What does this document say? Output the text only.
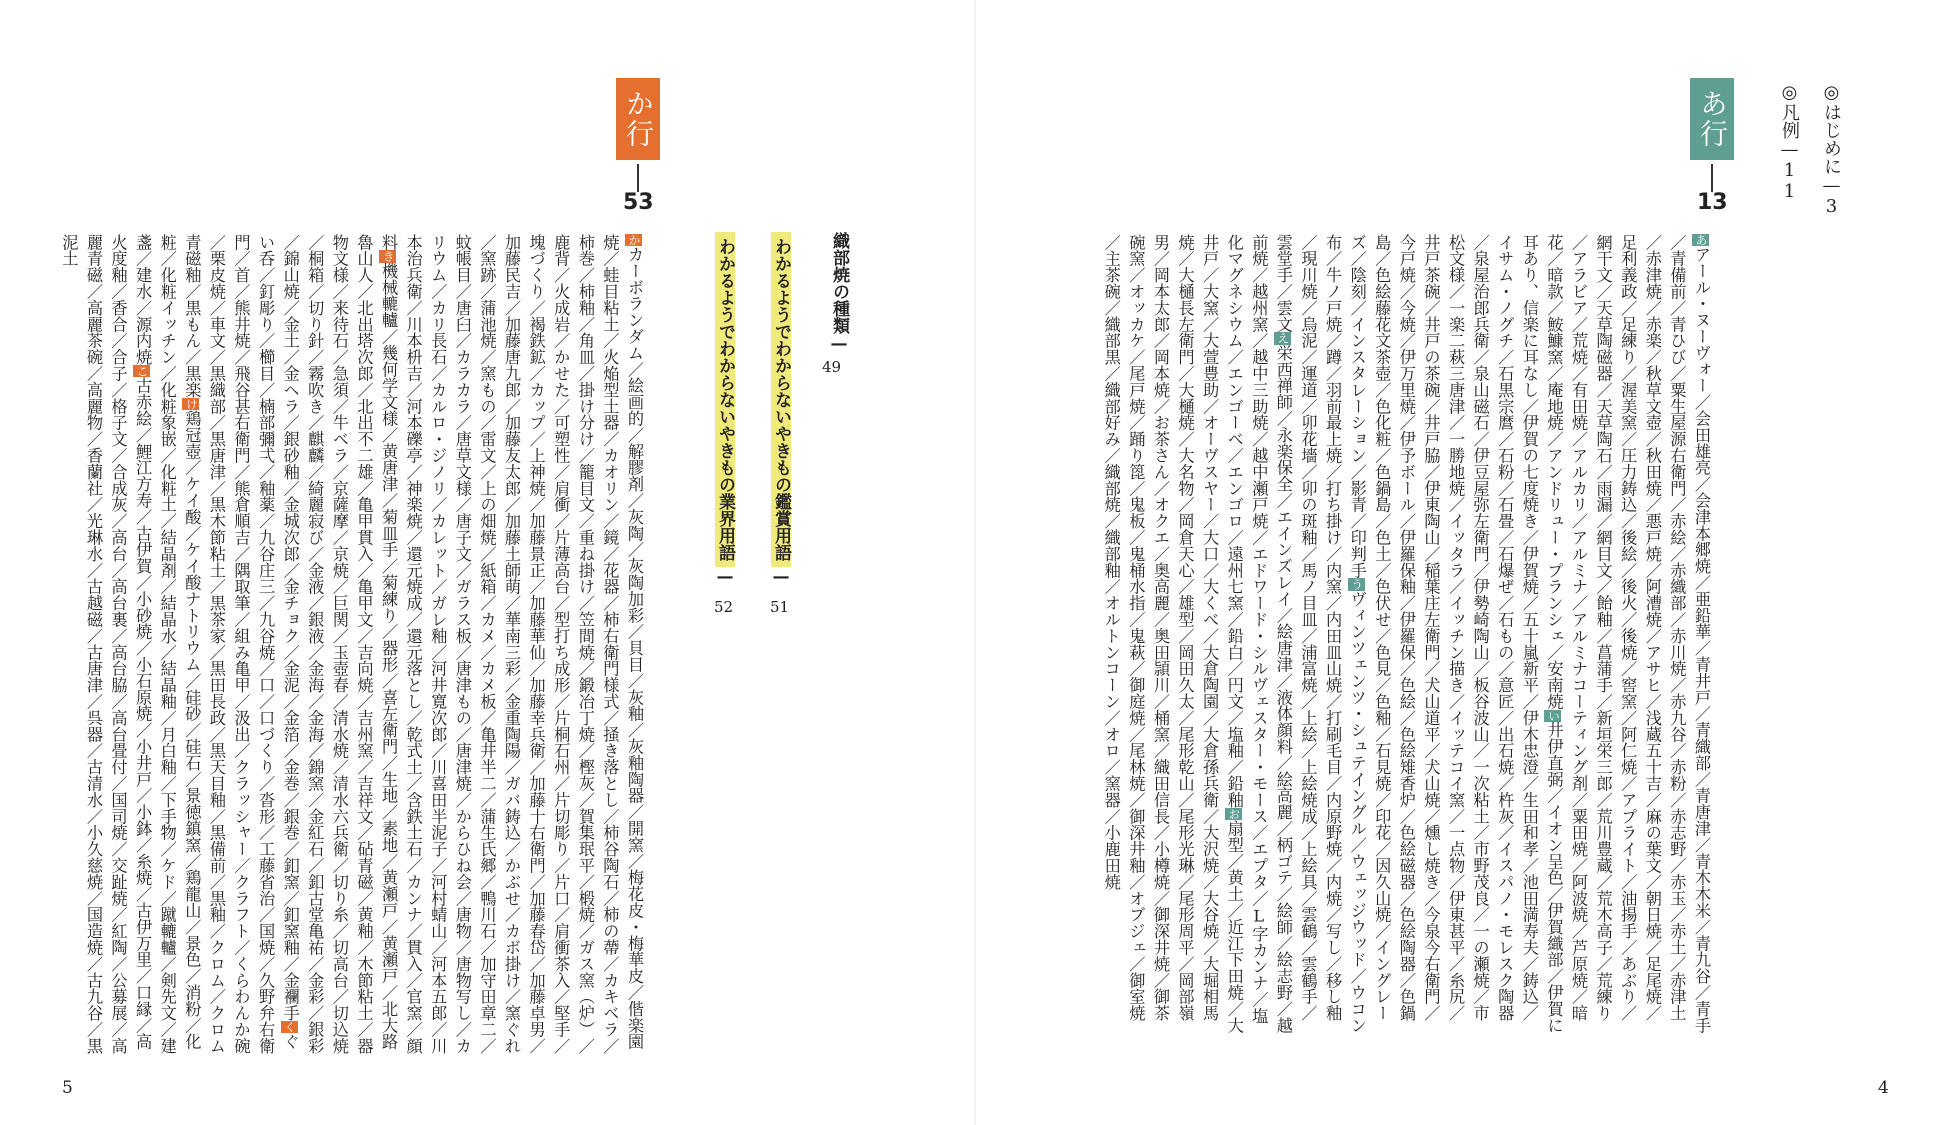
◎はじめに—3
◎凡例—11
あ行
13
あアール・ヌーヴォー／会田雄亮／会津本郷焼／亜鉛華／青井戸／青織部／青唐津／青木木米／青九谷／青手／青備前／青ひび／粟生屋源右衛門／赤絵／赤織部／赤川焼／赤九谷／赤粉／赤志野／赤玉／赤土／赤津土／赤津焼／赤楽／秋草文壺／秋田焼／悪戸焼／阿漕焼／アサヒ／浅蔵五十吉／麻の葉文／朝日焼／足尾焼／足利義政／足練り／渥美窯／圧力鋳込／後絵／後火／後焼／窖窯／阿仁焼／アプライト／油揚手／あぶり／網干文／天草陶磁器／天草陶石／雨漏／網目文／飴釉／菖蒲手／新垣栄三郎／荒川豊蔵／荒木高子／荒練り／アラビア／荒焼／有田焼／アルカリ／アルミナ／アルミナコーティング剤／粟田焼／阿波焼／芦原焼／暗花／暗款／鮟鱇窯／庵地焼／アンドリュー・プランシェ／安南焼い井伊直弼／イオン呈色／伊賀織部／伊賀に耳あり、信楽に耳なし／伊賀の七度焼き／伊賀焼／五十嵐新平／伊木忠澄／生田和孝／池田満寿夫／鋳込／イサム・ノグチ／石黒宗麿／石粉／石畳／石爆ぜ／石もの／意匠／出石焼／杵灰／イスパノ・モレスク陶器／泉屋治郎兵衛／泉山磁石／伊豆屋弥左衛門／伊勢崎陶山／板谷波山／一次粘土／市野茂良／一の瀬焼／市松文様／一楽二萩三唐津／一勝地焼／イッタラ／イッチン描き／イッテコイ窯／一点物／伊東甚平／糸尻／井戸茶碗／井戸の茶碗／井戸脇／伊東陶山／稲葉庄左衛門／犬山道平／犬山焼／燻し焼き／今泉今右衛門／今戸焼／今焼／伊万里焼／伊予ボール／伊羅保釉／伊羅保／色絵／色絵雉香炉／色絵磁器／色絵陶器／色鍋島／色絵藤花文茶壺／色化粧／色鍋島／色土／色伏せ／色見／色釉／石見焼／印花／因久山焼／イングレーズ／陰刻／インスタレーション／影青／印判手うヴィンツェンツ・シュテイングル／ウェッジウッド／ウコン布／牛ノ戸焼／蹲／羽前最上焼／打ち掛け／内窯／内田皿山焼／打刷毛目／内原野焼／内焼／写し／移し釉／現川焼／烏泥／運道／卯花墻／卯の斑釉／馬ノ目皿／浦富焼／上絵／上絵焼成／上絵具／雲鶴／雲鶴手／雲堂手／雲文え栄西禅師／永楽保全／エインズレイ／絵唐津／液体顔料／絵高麗／柄ゴテ／絵師／絵志野／越前焼／越州窯／越中三助焼／越中瀬戸焼／エドワード・シルヴェスター・モース／エプタ／L字カンナ／塩化マグネシウム／エンゴーベ／エンゴロ／遠州七窯／鉛白／円文／塩釉／鉛釉お扇型／黄土／近江下田焼／大井戸／大窯／大萱豊助／オーヴスヤー／大口／大くべ／大倉陶園／大倉孫兵衛／大沢焼／大谷焼／大堀相馬焼／大樋長左衛門／大樋焼／大名物／岡倉天心／雄型／岡田久太／尾形乾山／尾形光琳／尾形周平／岡部嶺男／岡本太郎／岡本焼／お茶さん／オクエ／奥高麗／奥田頴川／桶窯／織田信長／小樽焼／御深井焼／御茶碗窯／オッカケ／尾戸焼／踊り箆／鬼板／鬼桶水指／鬼萩／御庭焼／尾林焼／御深井釉／オブジェ／御室焼／主茶碗／織部黒／織部好み／織部焼／織部釉／オルトンコーン／オロ／窯器／小鹿田焼
織部焼の種類—
49
わかるようでわからないやきもの鑑賞用語—
51
わかるようでわからないやきもの業界用語—
52
か行
53
かカーボランダム／絵画的／解膠剤／灰陶／灰陶加彩／貝目／灰釉／灰釉陶器／開窯／梅花皮・梅華皮／偕楽園焼／蛙目粘土／火焔型土器／カオリン／鏡／花器／柿右衛門様式／掻き落とし／柿谷陶石／柿の蔕／カキベラ／柿巻／柿釉／角皿／掛け分け／籠目文／重ね掛け／笠間焼／鍛冶丁焼／樫灰／賀集珉平／椴焼／ガス窯（炉）／鹿背／火成岩／かせた／可塑性／肩衝／片薄高台／型打ち成形／片桐石州／片切彫り／片口／肩衝茶入／堅手／塊づくり／褐鉄鉱／カップ／上神焼／加藤景正／加藤華仙／加藤幸兵衛／加藤十右衛門／加藤春岱／加藤卓男／加藤民吉／加藤唐九郎／加藤友太郎／加藤土師萌／華南三彩／金重陶陽／ガバ鋳込／かぶせ／カボ掛け／窯ぐれ／窯跡／蒲池焼／窯もの／雷文／上の畑焼／紙箱／カメ／カメ板／亀井半二／蒲生氏郷／鴨川石／加守田章二／蚊帳目／唐臼／カラカラ／唐草文様／唐子文／ガラス板／唐津もの／唐津焼／からひね会／唐物／唐物写し／カリウム／カリ長石／カルロ・ジノリ／カレット／ガレ釉／河井寛次郎／川喜田半泥子／河村蜻山／河本五郎／川本治兵衛／川本枡吉／河本礫亭／神楽焼／還元焼成／還元落とし／乾式土／含鉄土石／カンナ／貫入／官窯／顔料き機械轆轤／幾何学文様／黄唐津／菊皿手／菊練り／器形／喜左衛門／生地／素地／黄瀬戸／黄瀬戸／北大路魯山人／北出塔次郎／北出不二雄／亀甲貫入／亀甲文／吉向焼／吉州窯／吉祥文／砧青磁／黄釉／木節粘土／器物文様／来待石／急須／牛ベラ／京薩摩／京焼／巨関／玉壺春／清水焼／清水六兵衛／切り糸／切高台／切込焼／桐箱／切り針／霧吹き／麒麟／綺麗寂び／金液／銀液／金海／金海／錦窯／金紅石／釦古堂亀祐／金彩／銀彩／錦山焼／金土／金ヘラ／銀砂釉／金城次郎／金チョク／金泥／金箔／金巻／銀巻／釦窯／釦窯釉／金襴手くぐい呑／釘彫り／櫛目／楠部彌弌／釉薬／九谷庄三／九谷焼／口／口づくり／沓形／工藤省治／国焼／久野弁右衛門／首／熊井焼／飛谷甚右衛門／熊倉順吉／隅取筆／組み亀甲／汲出／クラッシャー／クラフト／くらわんか碗／栗皮焼／車文／黒織部／黒唐津／黒木節粘土／黒茶家／黒田長政／黒天目釉／黒備前／黒釉／クロム／クロム青磁釉／黒もん／黒楽け鶏冠壺／ケイ酸／ケイ酸ナトリウム／硅砂／硅石／景徳鎮窯／鶏龍山／景色／消粉／化粧／化粧イッチン／化粧象嵌／化粧土／結晶剤／結晶水／結晶釉／月白釉／下手物／ケド／蹴轆轤／剣先文／建盞／建水／源内焼こ古赤絵／鯉江方寿／古伊賀／小砂焼／小石原焼／小井戸／小鉢／糸焼／古伊万里／口縁／高火度釉／香合／合子／格子文／合成灰／高台／高台裏／高台脇／高台畳付／国司焼／交趾焼／紅陶／公募展／高麗青磁／高麗茶碗／高麗物／香蘭社／光琳水／古越磁／古唐津／呉器／古清水／小久慈焼／国造焼／古九谷／黒泥土
5	4
